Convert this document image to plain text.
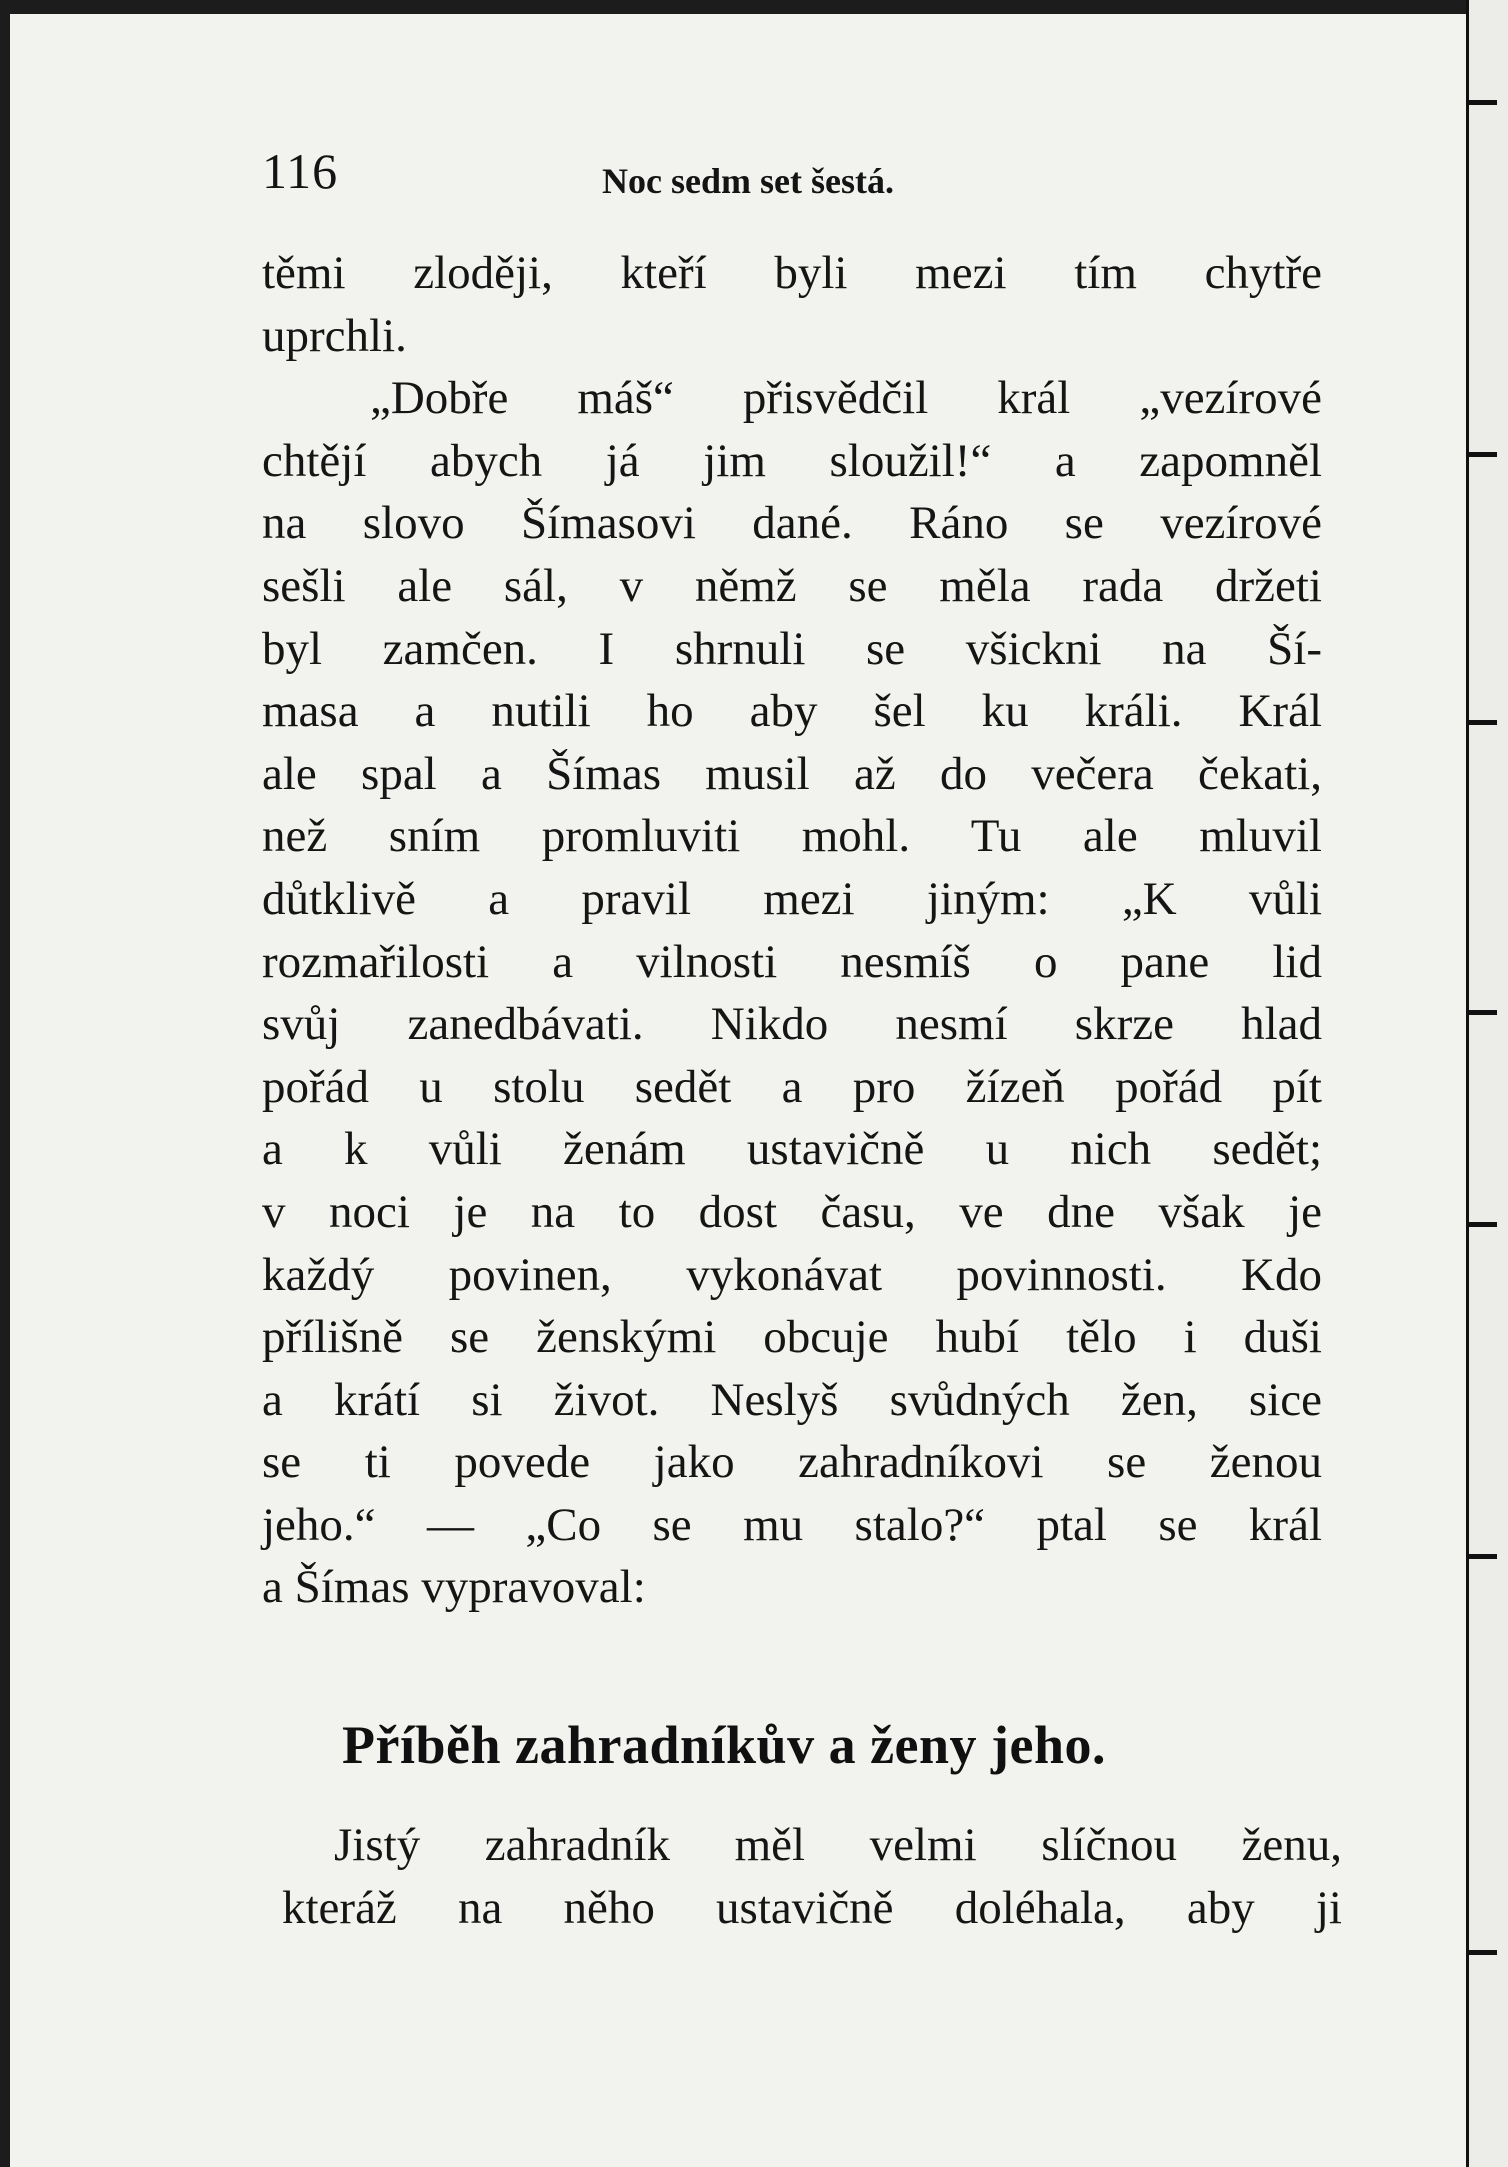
116	Noc sedm set šestá.
těmi zloději, kteří byli mezi tím chytře
uprchli.
„Dobře máš“ přisvědčil král „vezírové
chtějí abych já jim sloužil!“ a zapomněl
na slovo Šímasovi dané. Ráno se vezírové
sešli ale sál, v němž se měla rada držeti
byl zamčen. I shrnuli se všickni na Ší-
masa a nutili ho aby šel ku králi. Král
ale spal a Šímas musil až do večera čekati,
než sním promluviti mohl. Tu ale mluvil
důtklivě a pravil mezi jiným: „K vůli
rozmařilosti a vilnosti nesmíš o pane lid
svůj zanedbávati. Nikdo nesmí skrze hlad
pořád u stolu sedět a pro žízeň pořád pít
a k vůli ženám ustavičně u nich sedět;
v noci je na to dost času, ve dne však je
každý povinen, vykonávat povinnosti. Kdo
přílišně se ženskými obcuje hubí tělo i duši
a krátí si život. Neslyš svůdných žen, sice
se ti povede jako zahradníkovi se ženou
jeho.“ — „Co se mu stalo?“ ptal se král
a Šímas vypravoval:
Příběh zahradníkův a ženy jeho.
Jistý zahradník měl velmi slíčnou ženu,
kteráž na něho ustavičně doléhala, aby ji
